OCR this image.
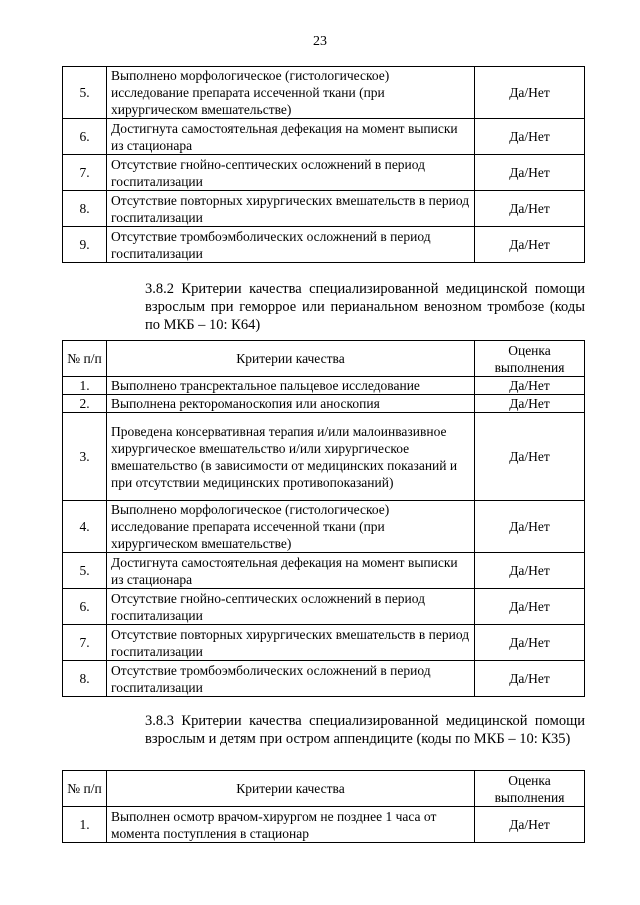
23
5.	Выполнено морфологическое (гистологическое) исследование препарата иссеченной ткани (при хирургическом вмешательстве)	Да/Нет
6.	Достигнута самостоятельная дефекация на момент выписки из стационара	Да/Нет
7.	Отсутствие гнойно-септических осложнений в период госпитализации	Да/Нет
8.	Отсутствие повторных хирургических вмешательств в период госпитализации	Да/Нет
9.	Отсутствие тромбоэмболических осложнений в период госпитализации	Да/Нет
3.8.2 Критерии качества специализированной медицинской помощи взрослым при геморрое или перианальном венозном тромбозе (коды по МКБ – 10: К64)
№ п/п	Критерии качества	Оценка выполнения
1.	Выполнено трансректальное пальцевое исследование	Да/Нет
2.	Выполнена ректороманоскопия или аноскопия	Да/Нет
3.	Проведена консервативная терапия и/или малоинвазивное хирургическое вмешательство и/или хирургическое вмешательство (в зависимости от медицинских показаний и при отсутствии медицинских противопоказаний)	Да/Нет
4.	Выполнено морфологическое (гистологическое) исследование препарата иссеченной ткани (при хирургическом вмешательстве)	Да/Нет
5.	Достигнута самостоятельная дефекация на момент выписки из стационара	Да/Нет
6.	Отсутствие гнойно-септических осложнений в период госпитализации	Да/Нет
7.	Отсутствие повторных хирургических вмешательств в период госпитализации	Да/Нет
8.	Отсутствие тромбоэмболических осложнений в период госпитализации	Да/Нет
3.8.3 Критерии качества специализированной медицинской помощи взрослым и детям при остром аппендиците (коды по МКБ – 10: К35)
№ п/п	Критерии качества	Оценка выполнения
1.	Выполнен осмотр врачом-хирургом не позднее 1 часа от момента поступления в стационар	Да/Нет
